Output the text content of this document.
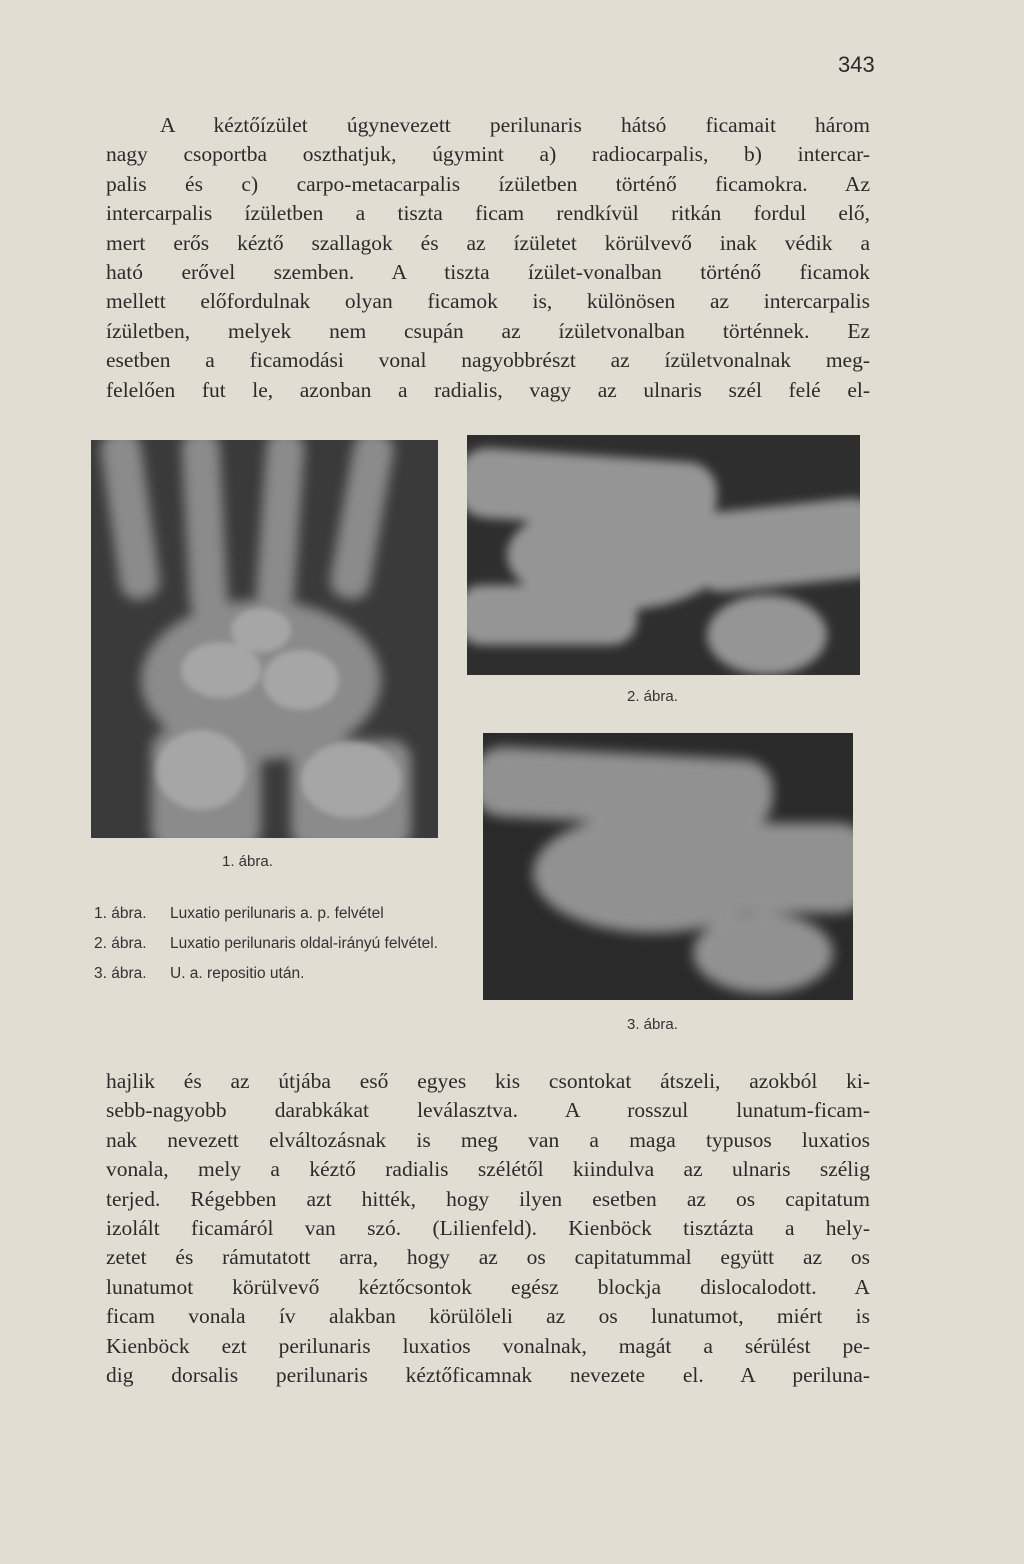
343
A kéztőízület úgynevezett perilunaris hátsó ficamait három
nagy csoportba oszthatjuk, úgymint a) radiocarpalis, b) intercar-
palis és c) carpo-metacarpalis ízületben történő ficamokra. Az
intercarpalis ízületben a tiszta ficam rendkívül ritkán fordul elő,
mert erős kéztő szallagok és az ízületet körülvevő inak védik a
ható erővel szemben. A tiszta ízület-vonalban történő ficamok
mellett előfordulnak olyan ficamok is, különösen az intercarpalis
ízületben, melyek nem csupán az ízületvonalban történnek. Ez
esetben a ficamodási vonal nagyobbrészt az ízületvonalnak meg-
felelően fut le, azonban a radialis, vagy az ulnaris szél felé el-
1. ábra.
2. ábra.
3. ábra.
1. ábra. Luxatio perilunaris a. p. felvétel
2. ábra. Luxatio perilunaris oldal-irányú felvétel.
3. ábra. U. a. repositio után.
hajlik és az útjába eső egyes kis csontokat átszeli, azokból ki-
sebb-nagyobb darabkákat leválasztva. A rosszul lunatum-ficam-
nak nevezett elváltozásnak is meg van a maga typusos luxatios
vonala, mely a kéztő radialis szélétől kiindulva az ulnaris szélig
terjed. Régebben azt hitték, hogy ilyen esetben az os capitatum
izolált ficamáról van szó. (Lilienfeld). Kienböck tisztázta a hely-
zetet és rámutatott arra, hogy az os capitatummal együtt az os
lunatumot körülvevő kéztőcsontok egész blockja dislocalodott. A
ficam vonala ív alakban körülöleli az os lunatumot, miért is
Kienböck ezt perilunaris luxatios vonalnak, magát a sérülést pe-
dig dorsalis perilunaris kéztőficamnak nevezete el. A periluna-
